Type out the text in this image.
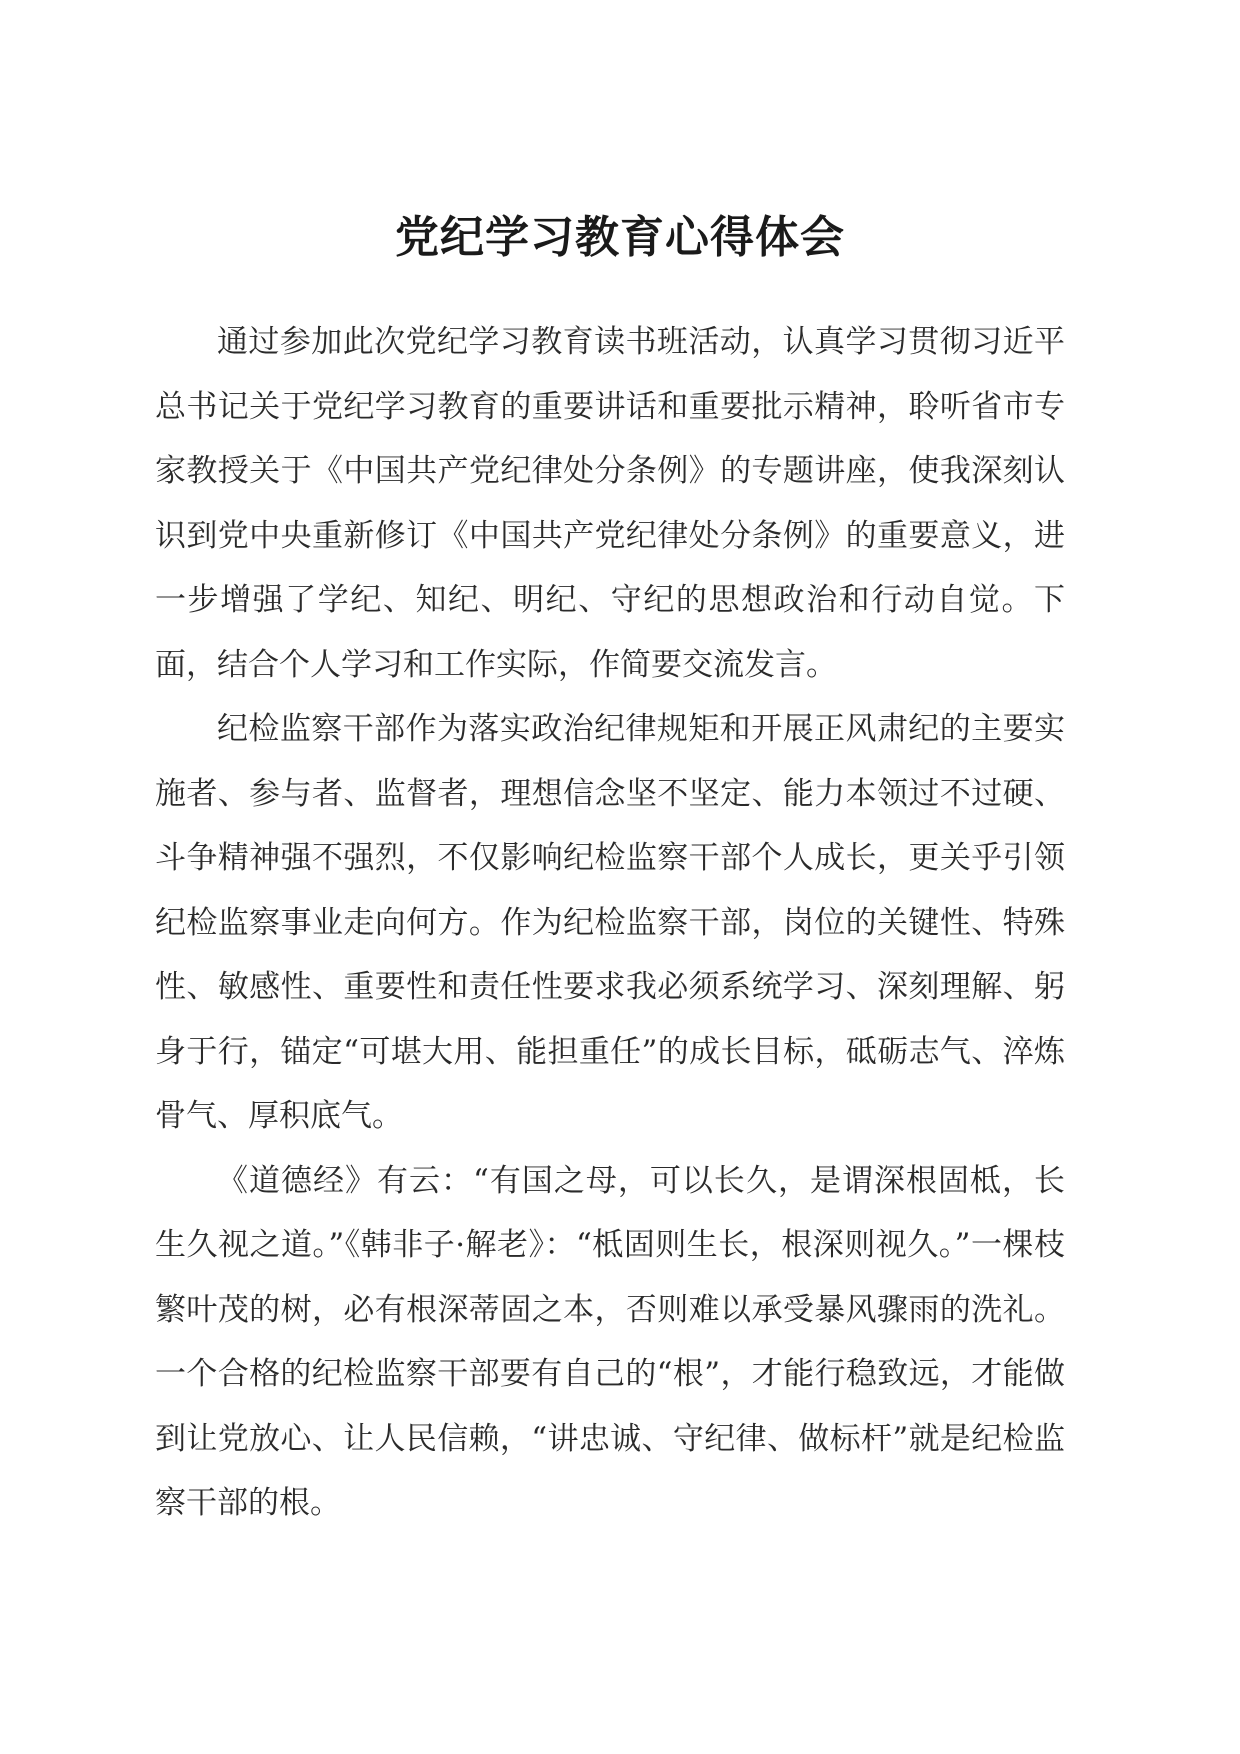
党纪学习教育心得体会

通过参加此次党纪学习教育读书班活动，认真学习贯彻习近平总书记关于党纪学习教育的重要讲话和重要批示精神，聆听省市专家教授关于《中国共产党纪律处分条例》的专题讲座，使我深刻认识到党中央重新修订《中国共产党纪律处分条例》的重要意义，进一步增强了学纪、知纪、明纪、守纪的思想政治和行动自觉。下面，结合个人学习和工作实际，作简要交流发言。

纪检监察干部作为落实政治纪律规矩和开展正风肃纪的主要实施者、参与者、监督者，理想信念坚不坚定、能力本领过不过硬、斗争精神强不强烈，不仅影响纪检监察干部个人成长，更关乎引领纪检监察事业走向何方。作为纪检监察干部，岗位的关键性、特殊性、敏感性、重要性和责任性要求我必须系统学习、深刻理解、躬身于行，锚定“可堪大用、能担重任”的成长目标，砥砺志气、淬炼骨气、厚积底气。

《道德经》有云：“有国之母，可以长久，是谓深根固柢，长生久视之道。”《韩非子·解老》：“柢固则生长，根深则视久。”一棵枝繁叶茂的树，必有根深蒂固之本，否则难以承受暴风骤雨的洗礼。一个合格的纪检监察干部要有自己的“根”，才能行稳致远，才能做到让党放心、让人民信赖，“讲忠诚、守纪律、做标杆”就是纪检监察干部的根。
